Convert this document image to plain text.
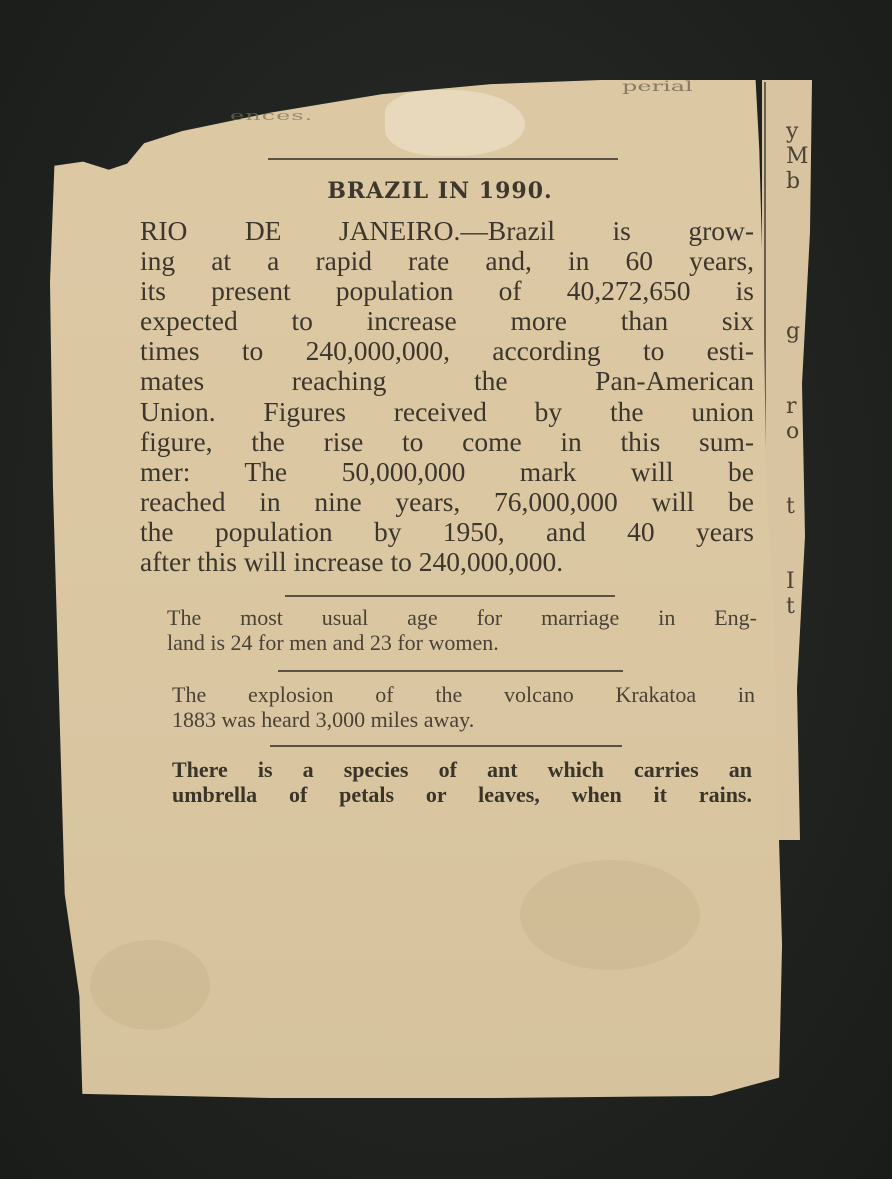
y
M
b
g
r
o
t
I
t
ences.
perial
BRAZIL IN 1990.
RIO DE JANEIRO.—Brazil is grow-
ing at a rapid rate and, in 60 years,
its present population of 40,272,650 is
expected to increase more than six
times to 240,000,000, according to esti-
mates reaching the Pan-American
Union. Figures received by the union
figure, the rise to come in this sum-
mer: The 50,000,000 mark will be
reached in nine years, 76,000,000 will be
the population by 1950, and 40 years
after this will increase to 240,000,000.
The most usual age for marriage in Eng-
land is 24 for men and 23 for women.
The explosion of the volcano Krakatoa in
1883 was heard 3,000 miles away.
There is a species of ant which carries an
umbrella of petals or leaves, when it rains.
